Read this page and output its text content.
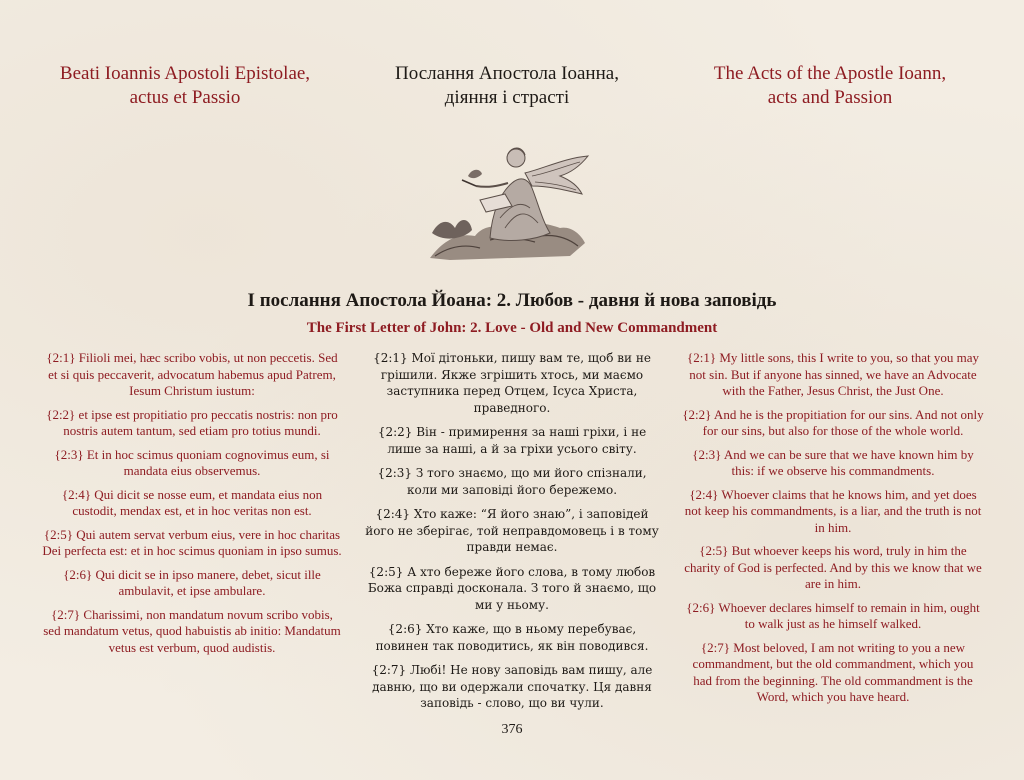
Beati Ioannis Apostoli Epistolae,
actus et Passio
Послання Апостола Іоанна,
діяння і страсті
The Acts of the Apostle Ioann,
acts and Passion
I послання Апостола Йоана: 2. Любов - давня й нова заповідь
The First Letter of John: 2. Love - Old and New Commandment

{2:1} Filioli mei, hæc scribo vobis, ut non peccetis. Sed et si quis peccaverit, advocatum habemus apud Patrem, Iesum Christum iustum:

{2:2} et ipse est propitiatio pro peccatis nostris: non pro nostris autem tantum, sed etiam pro totius mundi.

{2:3} Et in hoc scimus quoniam cognovimus eum, si mandata eius observemus.

{2:4} Qui dicit se nosse eum, et mandata eius non custodit, mendax est, et in hoc veritas non est.

{2:5} Qui autem servat verbum eius, vere in hoc charitas Dei perfecta est: et in hoc scimus quoniam in ipso sumus.

{2:6} Qui dicit se in ipso manere, debet, sicut ille ambulavit, et ipse ambulare.

{2:7} Charissimi, non mandatum novum scribo vobis, sed mandatum vetus, quod habuistis ab initio: Mandatum vetus est verbum, quod audistis.

{2:1} Мої дітоньки, пишу вам те, щоб ви не грішили. Якже згрішить хтось, ми маємо заступника перед Отцем, Ісуса Христа, праведного.

{2:2} Він - примирення за наші гріхи, і не лише за наші, а й за гріхи усього світу.

{2:3} З того знаємо, що ми його спізнали, коли ми заповіді його бережемо.

{2:4} Хто каже: “Я його знаю”, і заповідей його не зберігає, той неправдомовець і в тому правди немає.

{2:5} А хто береже його слова, в тому любов Божа справді досконала. З того й знаємо, що ми у ньому.

{2:6} Хто каже, що в ньому перебуває, повинен так поводитись, як він поводився.

{2:7} Любі! Не нову заповідь вам пишу, але давню, що ви одержали спочатку. Ця давня заповідь - слово, що ви чули.

{2:1} My little sons, this I write to you, so that you may not sin. But if anyone has sinned, we have an Advocate with the Father, Jesus Christ, the Just One.

{2:2} And he is the propitiation for our sins. And not only for our sins, but also for those of the whole world.

{2:3} And we can be sure that we have known him by this: if we observe his commandments.

{2:4} Whoever claims that he knows him, and yet does not keep his commandments, is a liar, and the truth is not in him.

{2:5} But whoever keeps his word, truly in him the charity of God is perfected. And by this we know that we are in him.

{2:6} Whoever declares himself to remain in him, ought to walk just as he himself walked.

{2:7} Most beloved, I am not writing to you a new commandment, but the old commandment, which you had from the beginning. The old commandment is the Word, which you have heard.

376
